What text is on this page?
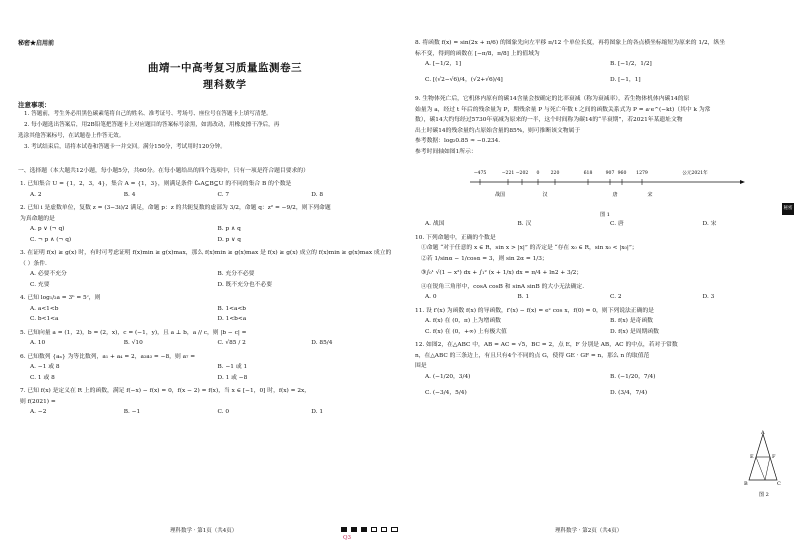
秘密★启用前
曲靖一中高考复习质量监测卷三
理科数学
注意事项：
1. 答题前，考生务必用黑色碳素笔将自己的姓名、准考证号、考场号、座位号在答题卡上填写清楚。
2. 每小题选出答案后，用2B铅笔把答题卡上对应题目的答案标号涂黑，如需改动，用橡皮擦干净后，再
选涂其他答案标号，在试题卷上作答无效。
3. 考试结束后，请将本试卷和答题卡一并交回。满分150分，考试用时120分钟。
一、选择题（本大题共12小题，每小题5分，共60分。在每小题给出的四个选项中，只有一项是符合题目要求的）
1. 已知集合 U = {1，2，3，4}，集合 A = {1，3}，则满足条件 ∁ᵤA⊆B⊆U 的不同的集合 B 的个数是
A. 2	B. 4	C. 7	D. 8
2. 已知 i 是虚数单位，复数 z = (3−3i)/2 满足，命题 p：z 的共轭复数的虚部为 3/2，命题 q：z² = −9/2，则下列命题
为真命题的是
A. p ∨ (¬ q)	B. p ∧ q
C. ¬ p ∧ (¬ q)	D. p ∨ q
3. 在证明 f(x) ≥ g(x) 时，有时可考虑证明 f(x)min ≥ g(x)max，那么 f(x)min ≥ g(x)max 是 f(x) ≥ g(x) 成立的 f(x)min ≥ g(x)max 成立的
（ ）条件.
A. 必要不充分	B. 充分不必要
C. 充要	D. 既不充分也不必要
4. 已知 log₁/₂a = 3ᵇ = 5ᶜ，则
A. a<1<b	B. 1<a<b
C. b<1<a	D. 1<b<a
5. 已知向量 a = (1，2)，b = (2，x)，c = (−1，y)，且 a ⊥ b，a // c，则 |b − c| =
A. 10	B. √10	C. √85 / 2	D. 85/4
6. 已知数列 {aₙ} 为等比数列，a₁ + a₄ = 2，a₂a₃ = −8，则 a₇ =
A. −1 或 8	B. −1 或 1
C. 1 或 8	D. 1 或 −8
7. 已知 f(x) 是定义在 R 上的函数，满足 f(−x) − f(x) = 0，f(x − 2) = f(x)，当 x ∈ [−1，0] 时，f(x) = 2x，
则 f(2021) =
A. −2	B. −1	C. 0	D. 1
理科数学 · 第1页（共4页）
Q3
8. 将函数 f(x) = sin(2x + π/6) 的图象先向左平移 π/12 个单位长度，再将图象上的各点横坐标缩短为原来的 1/2，纵坐
标不变，得到的函数在 [−π/8，π/8] 上的值域为
A. [−1/2，1]	B. [−1/2，1/2]
C. [(√2−√6)/4，(√2+√6)/4]	D. [−1，1]
9. 生物体死亡后，它机体内原有的碳14含量会按确定的比率衰减（称为衰减率），若生物体机体内碳14的原
始量为 a，经过 t 年后的残余量为 P，期残余量 P 与死亡年数 t 之间的函数关系式为 P = a·e^(−kt)（其中 k 为常
数），碳14大约每经过5730年衰减为原来的一半，这个时间称为碳14的“半衰期”，若2021年某遗址文物
出土时碳14的残余量约占原始含量的85%，则可推断该文物属于
参考数据：log₂0.85 ≈ −0.234.
参考时间轴如图1所示：
A. 战国	B. 汉	C. 唐	D. 宋
10. 下列命题中，正确的个数是
①命题 “对于任意的 x ∈ R，sin x > |x|” 的否定是 “存在 x₀ ∈ R，sin x₀ < |x₀|”；
②若 1/sinα − 1/cosα = 3，则 sin 2α = 1/3；
③∫₀¹ √(1 − x²) dx + ∫₁² (x + 1/x) dx = π/4 + ln2 + 3/2；
④在锐角三角形中，cosA cosB 和 sinA sinB 的大小无法确定.
A. 0	B. 1	C. 2	D. 3
11. 设 f′(x) 为函数 f(x) 的导函数，f′(x) − f(x) = eˣ cos x，f(0) = 0，则下列说法正确的是
A. f(x) 在 (0，π) 上为增函数	B. f(x) 是奇函数
C. f(x) 在 (0，+∞) 上有极大值	D. f(x) 是周期函数
12. 如图2，在△ABC 中，AB = AC = √5，BC = 2，点 E，F 分别是 AB，AC 的中点，若对于常数
n，在△ABC 的三条边上，有且只有4个不同的点 G，使得 GE · GF = n，那么 n 的取值范
围是
A. (−1/20，3/4)	B. (−1/20，7/4)
C. (−3/4，5/4)	D. (3/4，7/4)
−475	−221 −202 0 220	618	907 960 1279	公元2021年
战国	汉	唐	宋
图 1
A
E	F
B	C
图 2
理科数学 · 第2页（共4页）
秘密
